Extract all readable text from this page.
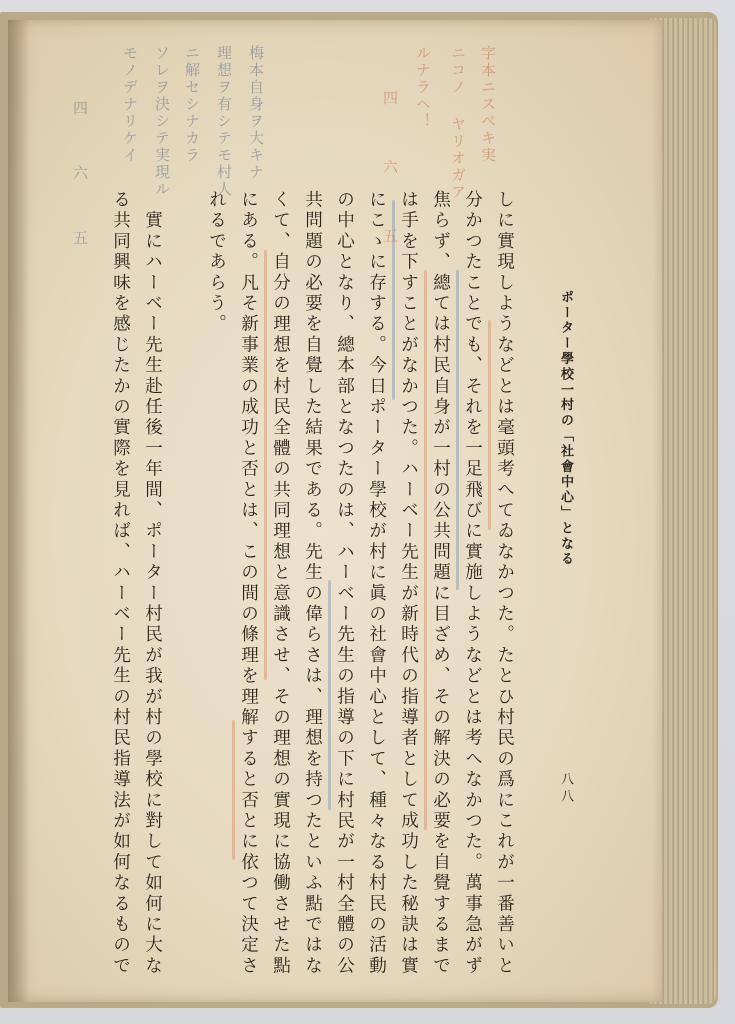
ポーター學校一村の「社會中心」となる
八八
しに實現しようなどとは毫頭考へてゐなかつた。たとひ村民の爲にこれが一番善いと
分かつたことでも、それを一足飛びに實施しようなどとは考へなかつた。萬事急がず
焦らず、總ては村民自身が一村の公共問題に目ざめ、その解決の必要を自覺するまで
は手を下すことがなかつた。ハーベー先生が新時代の指導者として成功した秘訣は實
にこゝに存する。今日ポーター學校が村に眞の社會中心として、種々なる村民の活動
の中心となり、總本部となつたのは、ハーベー先生の指導の下に村民が一村全體の公
共問題の必要を自覺した結果である。先生の偉らさは、理想を持つたといふ點ではな
くて、自分の理想を村民全體の共同理想と意識させ、その理想の實現に協働させた點
にある。凡そ新事業の成功と否とは、この間の條理を理解すると否とに依つて決定さ
れるであらう。
　實にハーベー先生赴任後一年間、ポーター村民が我が村の學校に對して如何に大な
る共同興味を感じたかの實際を見れば、ハーベー先生の村民指導法が如何なるもので
字本ニスベキ実
ニコノ ヤリオガア
ルナラヘ！
四 六 五
梅本自身ヲ大キナ
理想ヲ有シテモ村人
ニ解セシナカラ
ソレヲ決シテ実現ル
モノデナリケイ
四 六 五
